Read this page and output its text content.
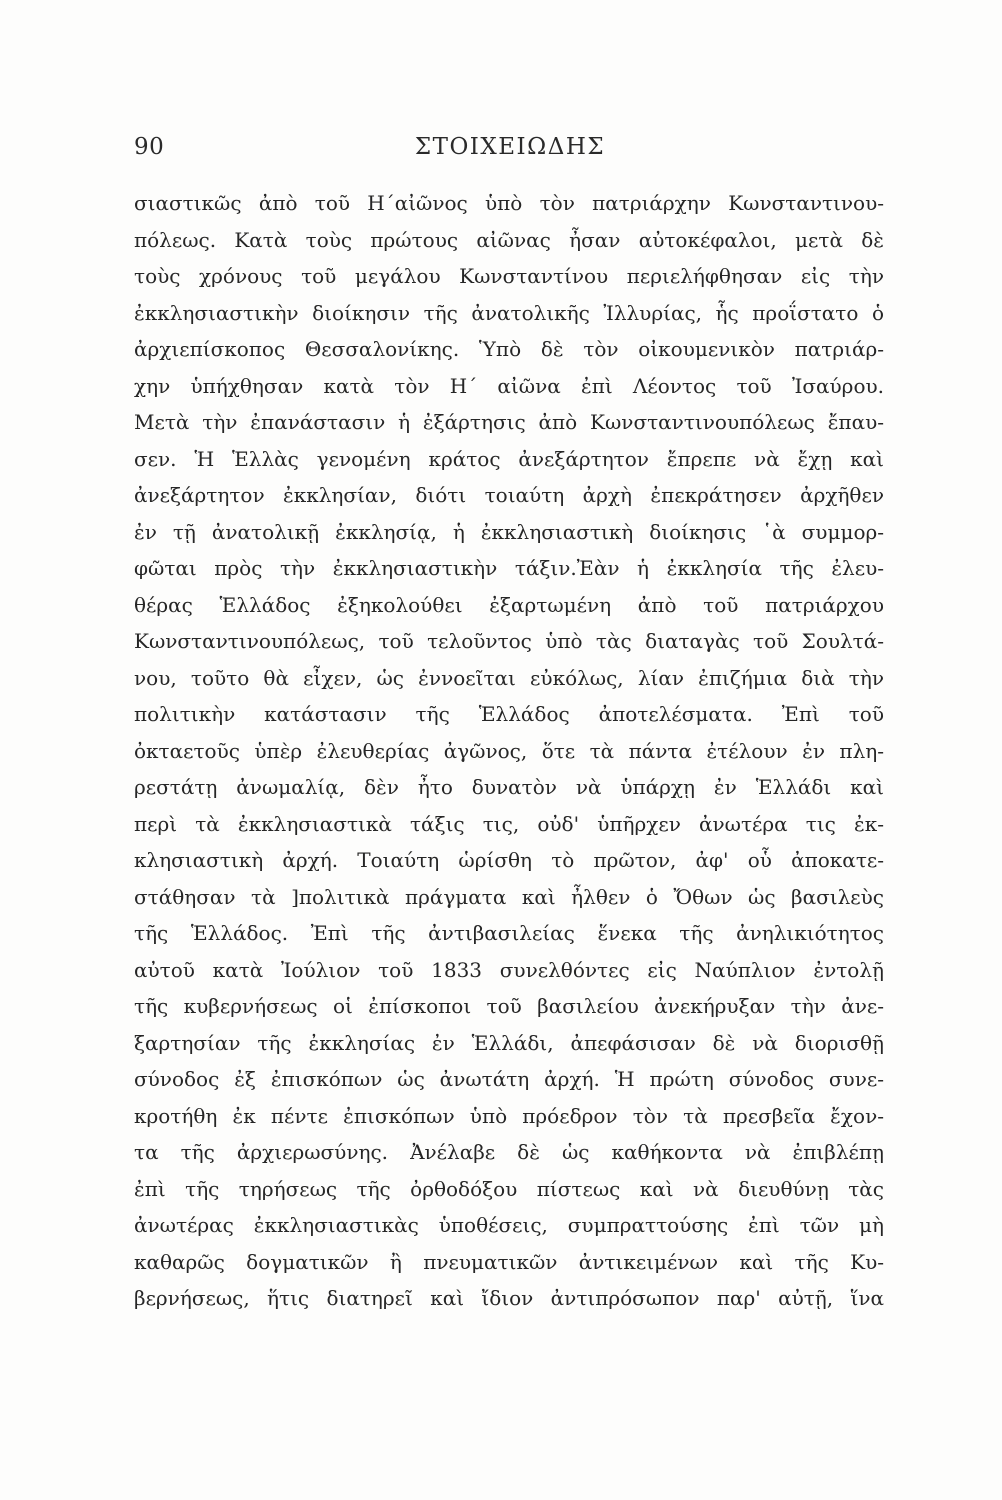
90	ΣΤΟΙΧΕΙΩΔΗΣ
σιαστικῶς ἀπὸ τοῦ Η΄αἰῶνος ὑπὸ τὸν πατριάρχην Κωνσταντινου-
πόλεως. Κατὰ τοὺς πρώτους αἰῶνας ἦσαν αὐτοκέφαλοι, μετὰ δὲ
τοὺς χρόνους τοῦ μεγάλου Κωνσταντίνου περιελήφθησαν εἰς τὴν
ἐκκλησιαστικὴν διοίκησιν τῆς ἀνατολικῆς Ἰλλυρίας, ἧς προΐστατο ὁ
ἀρχιεπίσκοπος Θεσσαλονίκης. Ὑπὸ δὲ τὸν οἰκουμενικὸν πατριάρ-
χην ὑπήχθησαν κατὰ τὸν Η΄ αἰῶνα ἐπὶ Λέοντος τοῦ Ἰσαύρου.
Μετὰ τὴν ἐπανάστασιν ἡ ἐξάρτησις ἀπὸ Κωνσταντινουπόλεως ἔπαυ-
σεν. Ἡ Ἑλλὰς γενομένη κράτος ἀνεξάρτητον ἔπρεπε νὰ ἔχῃ καὶ
ἀνεξάρτητον ἐκκλησίαν, διότι τοιαύτη ἀρχὴ ἐπεκράτησεν ἀρχῆθεν
ἐν τῇ ἀνατολικῇ ἐκκλησίᾳ, ἡ ἐκκλησιαστικὴ διοίκησις ῾ὰ συμμορ-
φῶται πρὸς τὴν ἐκκλησιαστικὴν τάξιν.Ἐὰν ἡ ἐκκλησία τῆς ἐλευ-
θέρας Ἑλλάδος ἐξηκολούθει ἐξαρτωμένη ἀπὸ τοῦ πατριάρχου
Κωνσταντινουπόλεως, τοῦ τελοῦντος ὑπὸ τὰς διαταγὰς τοῦ Σουλτά-
νου, τοῦτο θὰ εἶχεν, ὡς ἐννοεῖται εὐκόλως, λίαν ἐπιζήμια διὰ τὴν
πολιτικὴν κατάστασιν τῆς Ἑλλάδος ἀποτελέσματα. Ἐπὶ τοῦ
ὀκταετοῦς ὑπὲρ ἐλευθερίας ἀγῶνος, ὅτε τὰ πάντα ἐτέλουν ἐν πλη-
ρεστάτῃ ἀνωμαλίᾳ, δὲν ἦτο δυνατὸν νὰ ὑπάρχῃ ἐν Ἑλλάδι καὶ
περὶ τὰ ἐκκλησιαστικὰ τάξις τις, οὐδ' ὑπῆρχεν ἀνωτέρα τις ἐκ-
κλησιαστικὴ ἀρχή. Τοιαύτη ὡρίσθη τὸ πρῶτον, ἀφ' οὗ ἀποκατε-
στάθησαν τὰ ]πολιτικὰ πράγματα καὶ ἦλθεν ὁ Ὄθων ὡς βασιλεὺς
τῆς Ἑλλάδος. Ἐπὶ τῆς ἀντιβασιλείας ἕνεκα τῆς ἀνηλικιότητος
αὐτοῦ κατὰ Ἰούλιον τοῦ 1833 συνελθόντες εἰς Ναύπλιον ἐντολῇ
τῆς κυβερνήσεως οἱ ἐπίσκοποι τοῦ βασιλείου ἀνεκήρυξαν τὴν ἀνε-
ξαρτησίαν τῆς ἐκκλησίας ἐν Ἑλλάδι, ἀπεφάσισαν δὲ νὰ διορισθῇ
σύνοδος ἐξ ἐπισκόπων ὡς ἀνωτάτη ἀρχή. Ἡ πρώτη σύνοδος συνε-
κροτήθη ἐκ πέντε ἐπισκόπων ὑπὸ πρόεδρον τὸν τὰ πρεσβεῖα ἔχον-
τα τῆς ἀρχιερωσύνης. Ἀνέλαβε δὲ ὡς καθήκοντα νὰ ἐπιβλέπῃ
ἐπὶ τῆς τηρήσεως τῆς ὀρθοδόξου πίστεως καὶ νὰ διευθύνῃ τὰς
ἀνωτέρας ἐκκλησιαστικὰς ὑποθέσεις, συμπραττούσης ἐπὶ τῶν μὴ
καθαρῶς δογματικῶν ἢ πνευματικῶν ἀντικειμένων καὶ τῆς Κυ-
βερνήσεως, ἥτις διατηρεῖ καὶ ἴδιον ἀντιπρόσωπον παρ' αὐτῇ, ἵνα
